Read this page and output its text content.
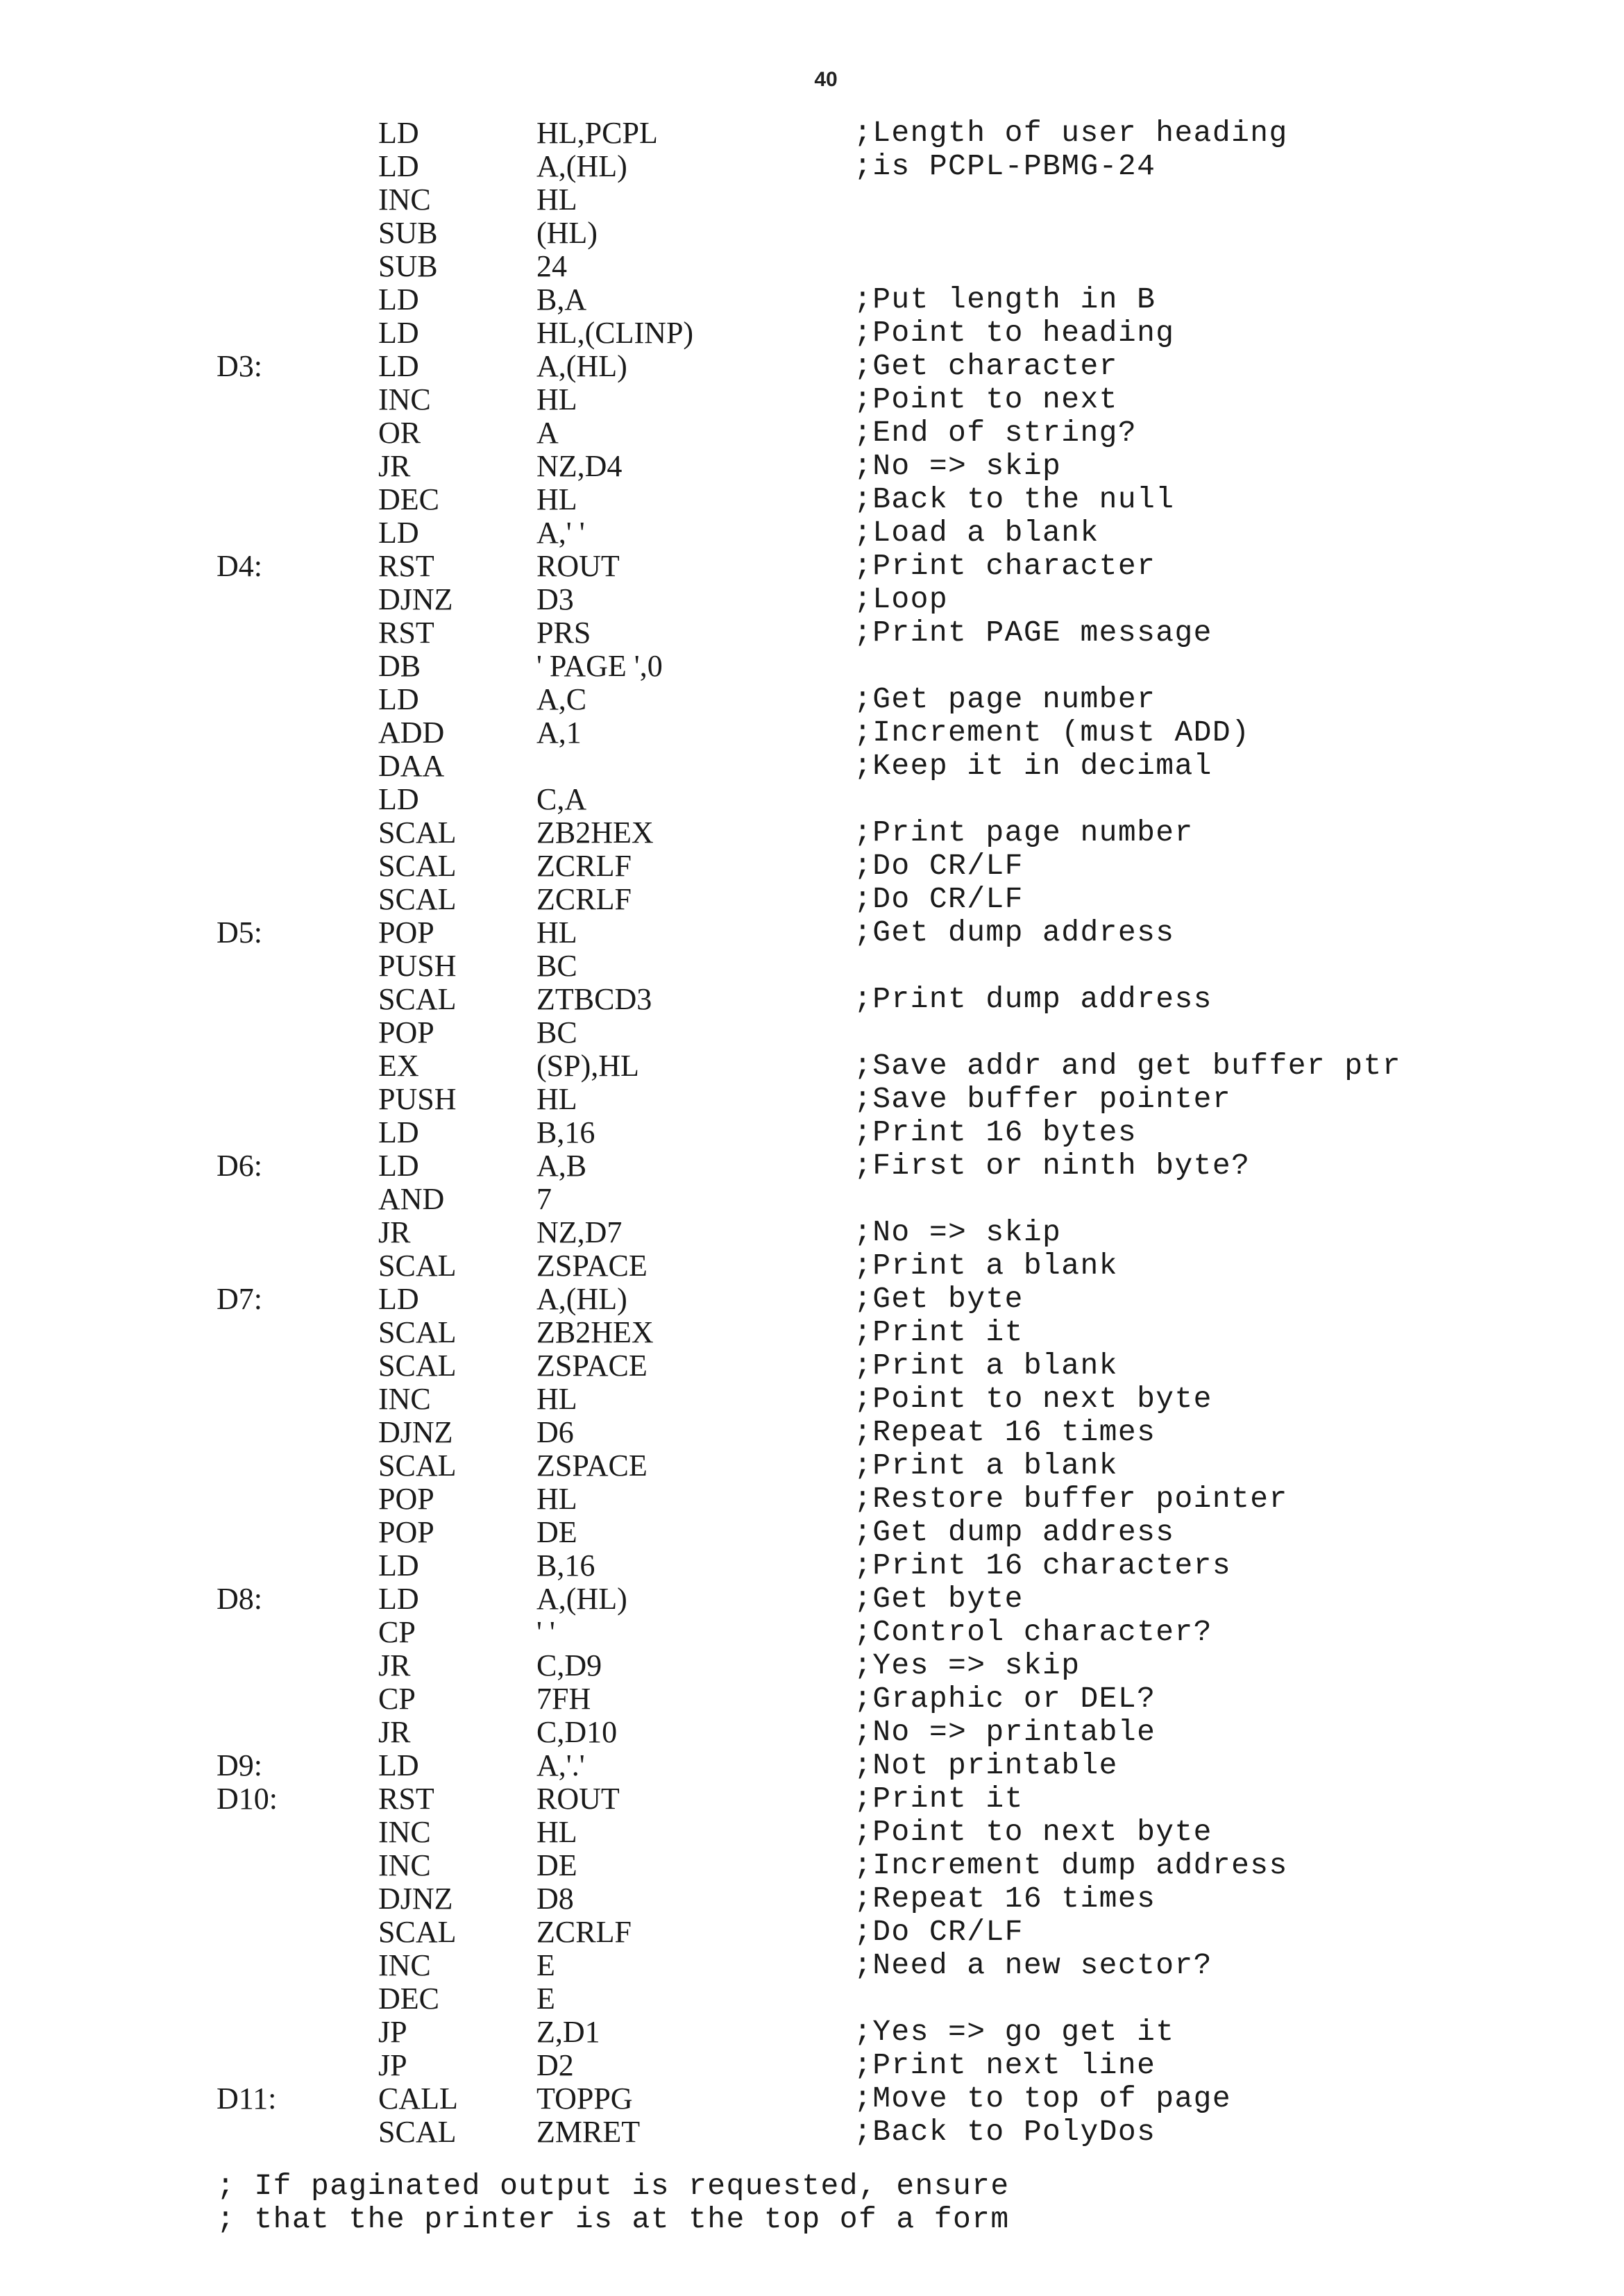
40
LD	HL,PCPL	;Length of user heading
LD	A,(HL)	;is PCPL-PBMG-24
INC	HL
SUB	(HL)
SUB	24
LD	B,A	;Put length in B
LD	HL,(CLINP)	;Point to heading
D3:	LD	A,(HL)	;Get character
INC	HL	;Point to next
OR	A	;End of string?
JR	NZ,D4	;No => skip
DEC	HL	;Back to the null
LD	A,' '	;Load a blank
D4:	RST	ROUT	;Print character
DJNZ	D3	;Loop
RST	PRS	;Print PAGE message
DB	' PAGE ',0
LD	A,C	;Get page number
ADD	A,1	;Increment (must ADD)
DAA	;Keep it in decimal
LD	C,A
SCAL	ZB2HEX	;Print page number
SCAL	ZCRLF	;Do CR/LF
SCAL	ZCRLF	;Do CR/LF
D5:	POP	HL	;Get dump address
PUSH	BC
SCAL	ZTBCD3	;Print dump address
POP	BC
EX	(SP),HL	;Save addr and get buffer ptr
PUSH	HL	;Save buffer pointer
LD	B,16	;Print 16 bytes
D6:	LD	A,B	;First or ninth byte?
AND	7
JR	NZ,D7	;No => skip
SCAL	ZSPACE	;Print a blank
D7:	LD	A,(HL)	;Get byte
SCAL	ZB2HEX	;Print it
SCAL	ZSPACE	;Print a blank
INC	HL	;Point to next byte
DJNZ	D6	;Repeat 16 times
SCAL	ZSPACE	;Print a blank
POP	HL	;Restore buffer pointer
POP	DE	;Get dump address
LD	B,16	;Print 16 characters
D8:	LD	A,(HL)	;Get byte
CP	' '	;Control character?
JR	C,D9	;Yes => skip
CP	7FH	;Graphic or DEL?
JR	C,D10	;No => printable
D9:	LD	A,'.'	;Not printable
D10:	RST	ROUT	;Print it
INC	HL	;Point to next byte
INC	DE	;Increment dump address
DJNZ	D8	;Repeat 16 times
SCAL	ZCRLF	;Do CR/LF
INC	E	;Need a new sector?
DEC	E
JP	Z,D1	;Yes => go get it
JP	D2	;Print next line
D11:	CALL	TOPPG	;Move to top of page
SCAL	ZMRET	;Back to PolyDos
; If paginated output is requested, ensure
; that the printer is at the top of a form
